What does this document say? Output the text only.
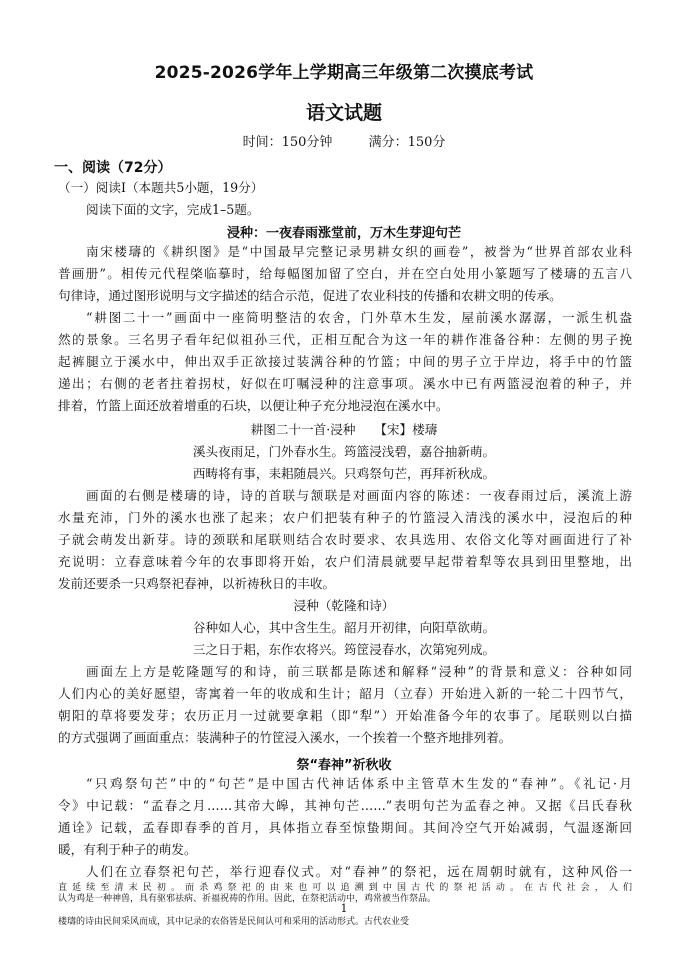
2025-2026学年上学期高三年级第二次摸底考试
语文试题
时间：150分钟	满分：150分
一、阅读（72分）
（一）阅读Ⅰ（本题共5小题，19分）
阅读下面的文字，完成1–5题。
浸种：一夜春雨涨堂前，万木生芽迎句芒
南宋楼璹的《耕织图》是“中国最早完整记录男耕女织的画卷”，被誉为“世界首部农业科
普画册”。相传元代程棨临摹时，给每幅图加留了空白，并在空白处用小篆题写了楼璹的五言八
句律诗，通过图形说明与文字描述的结合示范，促进了农业科技的传播和农耕文明的传承。
“耕图二十一”画面中一座简明整洁的农舍，门外草木生发，屋前溪水潺潺，一派生机盎
然的景象。三名男子看年纪似祖孙三代，正相互配合为这一年的耕作准备谷种：左侧的男子挽
起裤腿立于溪水中，伸出双手正欲接过装满谷种的竹篮；中间的男子立于岸边，将手中的竹篮
递出；右侧的老者拄着拐杖，好似在叮嘱浸种的注意事项。溪水中已有两篮浸泡着的种子，并
排着，竹篮上面还放着增重的石块，以便让种子充分地浸泡在溪水中。
耕图二十一首·浸种　　【宋】楼璹
溪头夜雨足，门外春水生。筠篮浸浅碧，嘉谷抽新萌。
西畴将有事，耒耜随晨兴。只鸡祭句芒，再拜祈秋成。
画面的右侧是楼璹的诗，诗的首联与颔联是对画面内容的陈述：一夜春雨过后，溪流上游
水量充沛，门外的溪水也涨了起来；农户们把装有种子的竹篮浸入清浅的溪水中，浸泡后的种
子就会萌发出新芽。诗的颈联和尾联则结合农时要求、农具选用、农俗文化等对画面进行了补
充说明：立春意味着今年的农事即将开始，农户们清晨就要早起带着犁等农具到田里整地，出
发前还要杀一只鸡祭祀春神，以祈祷秋日的丰收。
浸种（乾隆和诗）
谷种如人心，其中含生生。韶月开初律，向阳草欲萌。
三之日于耜，东作农将兴。筠筐浸春水，次第宛列成。
画面左上方是乾隆题写的和诗，前三联都是陈述和解释“浸种”的背景和意义：谷种如同
人们内心的美好愿望，寄寓着一年的收成和生计；韶月（立春）开始进入新的一轮二十四节气，
朝阳的草将要发芽；农历正月一过就要拿耜（即“犁”）开始准备今年的农事了。尾联则以白描
的方式强调了画面重点：装满种子的竹筐浸入溪水，一个挨着一个整齐地排列着。
祭“春神”祈秋收
“只鸡祭句芒”中的“句芒”是中国古代神话体系中主管草木生发的“春神”。《礼记·月
令》中记载：“孟春之月……其帝大皞，其神句芒……”表明句芒为孟春之神。又据《吕氏春秋
通诠》记载，孟春即春季的首月，具体指立春至惊蛰期间。其间冷空气开始减弱，气温逐渐回
暖，有利于种子的萌发。
人们在立春祭祀句芒，举行迎春仪式。对“春神”的祭祀，远在周朝时就有，这种风俗一
1
直延续至清末民初。而杀鸡祭祀的由来也可以追溯到中国古代的祭祀活动。在古代社会，人们
认为鸡是一种神兽，具有驱邪祛病、祈福祝祷的作用。因此，在祭祀活动中，鸡常被当作祭品。
楼璹的诗由民间采风而成，其中记录的农俗皆是民间认可和采用的活动形式。古代农业受
